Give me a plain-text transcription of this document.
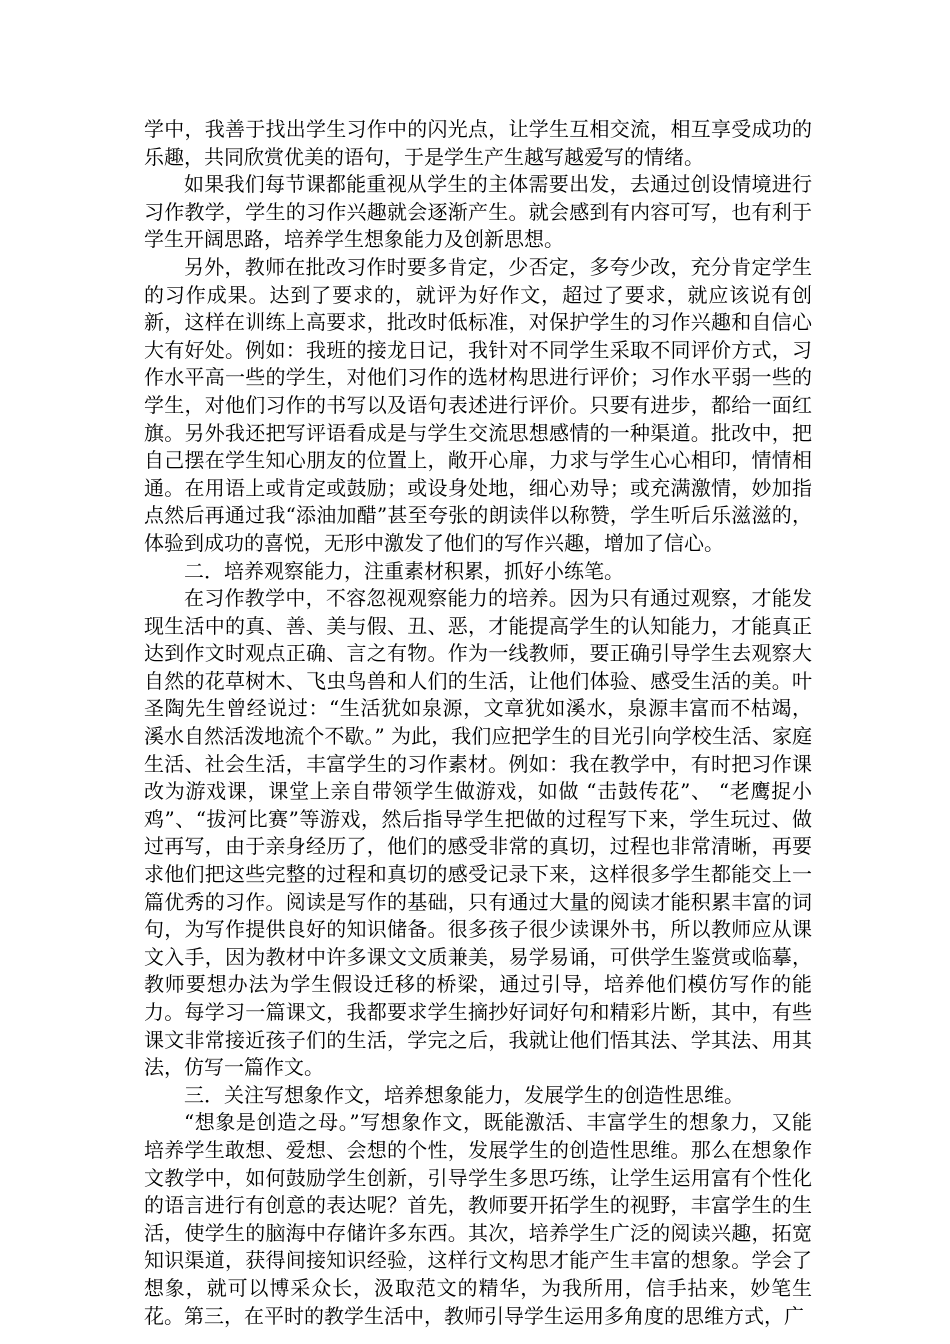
学中，我善于找出学生习作中的闪光点，让学生互相交流，相互享受成功的乐趣，共同欣赏优美的语句，于是学生产生越写越爱写的情绪。

如果我们每节课都能重视从学生的主体需要出发，去通过创设情境进行习作教学，学生的习作兴趣就会逐渐产生。就会感到有内容可写，也有利于学生开阔思路，培养学生想象能力及创新思想。

另外，教师在批改习作时要多肯定，少否定，多夸少改，充分肯定学生的习作成果。达到了要求的，就评为好作文，超过了要求，就应该说有创新，这样在训练上高要求，批改时低标准，对保护学生的习作兴趣和自信心大有好处。例如：我班的接龙日记，我针对不同学生采取不同评价方式，习作水平高一些的学生，对他们习作的选材构思进行评价；习作水平弱一些的学生，对他们习作的书写以及语句表述进行评价。只要有进步，都给一面红旗。另外我还把写评语看成是与学生交流思想感情的一种渠道。批改中，把自己摆在学生知心朋友的位置上，敞开心扉，力求与学生心心相印，情情相通。在用语上或肯定或鼓励；或设身处地，细心劝导；或充满激情，妙加指点然后再通过我“添油加醋”甚至夸张的朗读伴以称赞，学生听后乐滋滋的，体验到成功的喜悦，无形中激发了他们的写作兴趣，增加了信心。

二．培养观察能力，注重素材积累，抓好小练笔。

在习作教学中，不容忽视观察能力的培养。因为只有通过观察，才能发现生活中的真、善、美与假、丑、恶，才能提高学生的认知能力，才能真正达到作文时观点正确、言之有物。作为一线教师，要正确引导学生去观察大自然的花草树木、飞虫鸟兽和人们的生活，让他们体验、感受生活的美。叶圣陶先生曾经说过：“生活犹如泉源，文章犹如溪水，泉源丰富而不枯竭，溪水自然活泼地流个不歇。” 为此，我们应把学生的目光引向学校生活、家庭生活、社会生活，丰富学生的习作素材。例如：我在教学中，有时把习作课改为游戏课，课堂上亲自带领学生做游戏，如做 “击鼓传花”、 “老鹰捉小鸡”、“拔河比赛”等游戏，然后指导学生把做的过程写下来，学生玩过、做过再写，由于亲身经历了，他们的感受非常的真切，过程也非常清晰，再要求他们把这些完整的过程和真切的感受记录下来，这样很多学生都能交上一篇优秀的习作。阅读是写作的基础，只有通过大量的阅读才能积累丰富的词句，为写作提供良好的知识储备。很多孩子很少读课外书，所以教师应从课文入手，因为教材中许多课文文质兼美，易学易诵，可供学生鉴赏或临摹，教师要想办法为学生假设迁移的桥梁，通过引导，培养他们模仿写作的能力。每学习一篇课文，我都要求学生摘抄好词好句和精彩片断，其中，有些课文非常接近孩子们的生活，学完之后，我就让他们悟其法、学其法、用其法，仿写一篇作文。

三．关注写想象作文，培养想象能力，发展学生的创造性思维。

“想象是创造之母。”写想象作文，既能激活、丰富学生的想象力，又能培养学生敢想、爱想、会想的个性，发展学生的创造性思维。那么在想象作文教学中，如何鼓励学生创新，引导学生多思巧练，让学生运用富有个性化的语言进行有创意的表达呢？首先，教师要开拓学生的视野，丰富学生的生活，使学生的脑海中存储许多东西。其次，培养学生广泛的阅读兴趣，拓宽知识渠道，获得间接知识经验，这样行文构思才能产生丰富的想象。学会了想象，就可以博采众长，汲取范文的精华，为我所用，信手拈来，妙笔生花。第三，在平时的教学生活中，教师引导学生运用多角度的思维方式，广
